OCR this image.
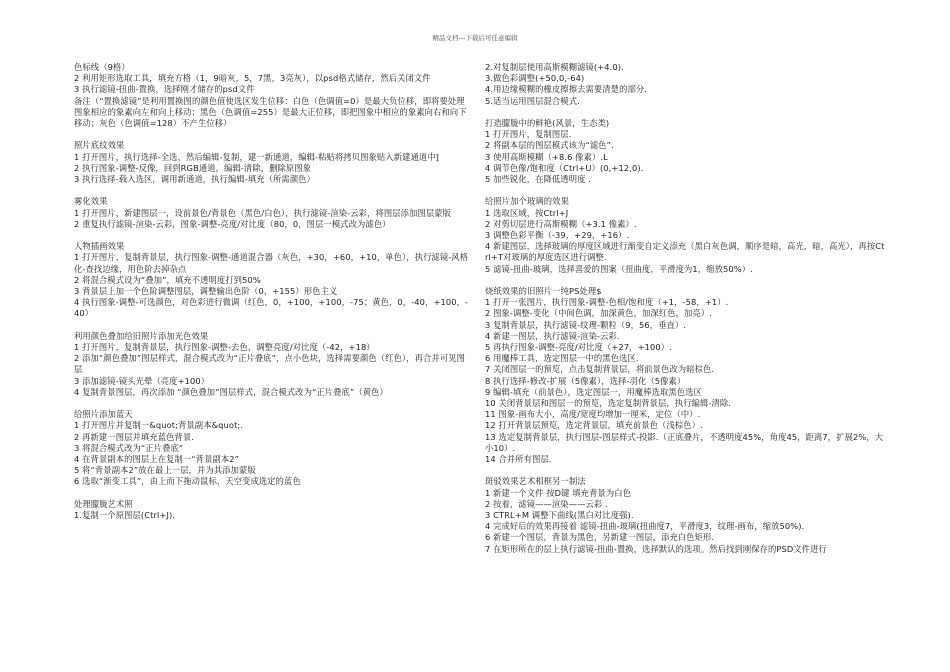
精品文档---下载后可任意编辑

色标线（9格）

2 利用矩形选取工具，填充方格（1，9暗灰，5，7黑，3亮灰），以psd格式储存，然后关闭文件

3 执行滤镜-扭曲-置换，选择刚才储存的psd文件

备注（“置换滤镜”是利用置换图的颜色值使选区发生位移：白色（色调值=0）是最大负位移，即将要处理图象相应的象素向左和向上移动；黑色（色调值=255）是最大正位移，即把图象中相应的象素向右和向下移动；灰色（色调值=128）不产生位移）

照片底纹效果

1 打开图片，执行选择-全选，然后编辑-复制，建一新通道，编辑-粘贴将拷贝图象贴入新建通道中]

2 执行图象-调整-反像，回到RGB通道，编辑-清除，删除原图象

3 执行选择-载入选区，调用新通道，执行编辑-填充（所需颜色）

雾化效果

1 打开图片，新建图层一，设前景色/背景色（黑色/白色），执行滤镜-渲染-云彩，将图层添加图层蒙版

2 重复执行滤镜-渲染-云彩，图象-调整-亮度/对比度（80，0，图层一模式改为滤色）

人物插画效果

1 打开图片，复制背景层，执行图象-调整-通道混合器（灰色，+30，+60，+10，单色），执行滤镜-风格化-查找边缘，用色阶去掉杂点

2 将混合模式设为“叠加”，填充不透明度打到50%

3 背景层上加一个色阶调整图层，调整输出色阶（0，+155）形色主义

4 执行图象-调整-可选颜色，对色彩进行微调（红色，0，+100，+100，-75；黄色，0，-40，+100，-40）

利用颜色叠加给旧照片添加光色效果

1 打开图片，复制背景层，执行图象-调整-去色，调整亮度/对比度（-42，+18）

2 添加“颜色叠加”图层样式，混合模式改为“正片叠底”，点小色块，选择需要颜色（红色），再合并可见图层

3 添加滤镜-镜头光晕（亮度+100）

4 复制背景图层，再次添加 “颜色叠加”图层样式，混合模式改为“正片叠底”（黄色）

给照片添加蓝天

1 打开图片并复制一&quot;背景副本&quot;.

2 再新建一图层并填充蓝色背景.

3 将混合模式改为“正片叠底”

4 在背景副本的图层上在复制一“背景副本2”

5 将“背景副本2”放在最上一层，并为其添加蒙版

6 选取“渐变工具”，由上而下拖动鼠标，天空变成选定的蓝色

处理朦胧艺术照

1.复制一个原图层(Ctrl+J).

2.对复制层使用高斯模糊滤镜(+4.0).

3.做色彩调整(+50,0,-64)

4.用边缘模糊的橡皮擦擦去需要清楚的部分.

5.适当运用图层混合模式.

打造朦胧中的鲜艳(风景，生态类)

1 打开图片，复制图层.

2 将副本层的图层模式该为“滤色”.

3 使用高斯模糊（+8.6 像素）.L

4 调节色像/饱和度（Ctrl+U）(0,+12,0).

5 加些锐化，在降低透明度 .

给照片加个玻璃的效果

1 选取区域，按Ctrl+J

2 对剪切层进行高斯模糊（+3.1 像素）.

3 调整色彩平衡（-39，+29，+16）.

4 新建图层，选择玻璃的厚度区域进行渐变自定义添充（黑白灰色调，顺序是暗，高光，暗，高光），再按Ctrl+T对玻璃的厚度选区进行调整.

5 滤镜-扭曲-玻璃，选择喜爱的图案（扭曲度，平滑度为1，缩放50%）.

烧纸效果的旧照片一纯PS处理$

1 打开一张图片，执行图象-调整-色相/饱和度（+1，-58，+1）.

2 图象-调整-变化（中间色调，加深黄色，加深红色，加亮）.

3 复制背景层，执行滤镜-纹理-颗粒（9，56，垂直）.

4 新建一图层，执行滤镜-渲染-云彩.

5 再执行图象-调整-亮度/对比度（+27，+100）.

6 用魔棒工具，选定图层一中的黑色选区.

7 关闭图层一的预览，点击复制背景层，将前景色改为暗棕色.

8 执行选择-修改-扩展（5像素），选择-羽化（5像素）

9 编辑-填充（前景色），选定图层一，用魔棒选取黑色选区

10 关闭背景层和图层一的预览，选定复制背景层，执行编辑-清除.

11 图象-画布大小，高度/宽度均增加一厘米，定位（中）.

12 打开背景层预览，选定背景层，填充前景色（浅棕色）.

13 选定复制背景层，执行图层-图层样式-投影.（正底叠片，不透明度45%，角度45，距离7，扩展2%，大小10）.

14 合并所有图层.

斑驳效果艺术相框另一制法

1 新建一个文件 按D键 填充背景为白色

2 按着，滤镜——渲染——云彩 .

3 CTRL+M 调整下曲线(黑白对比度强).

4 完成好后的效果再接着 滤镜-扭曲-玻璃(扭曲度7，平滑度3，纹理-画布，缩放50%).

6 新建一个图层，背景为黑色，另新建一图层，添充白色矩形.

7 在矩形所在的层上执行滤镜-扭曲-置换，选择默认的选项。然后找到刚保存的PSD文件进行
